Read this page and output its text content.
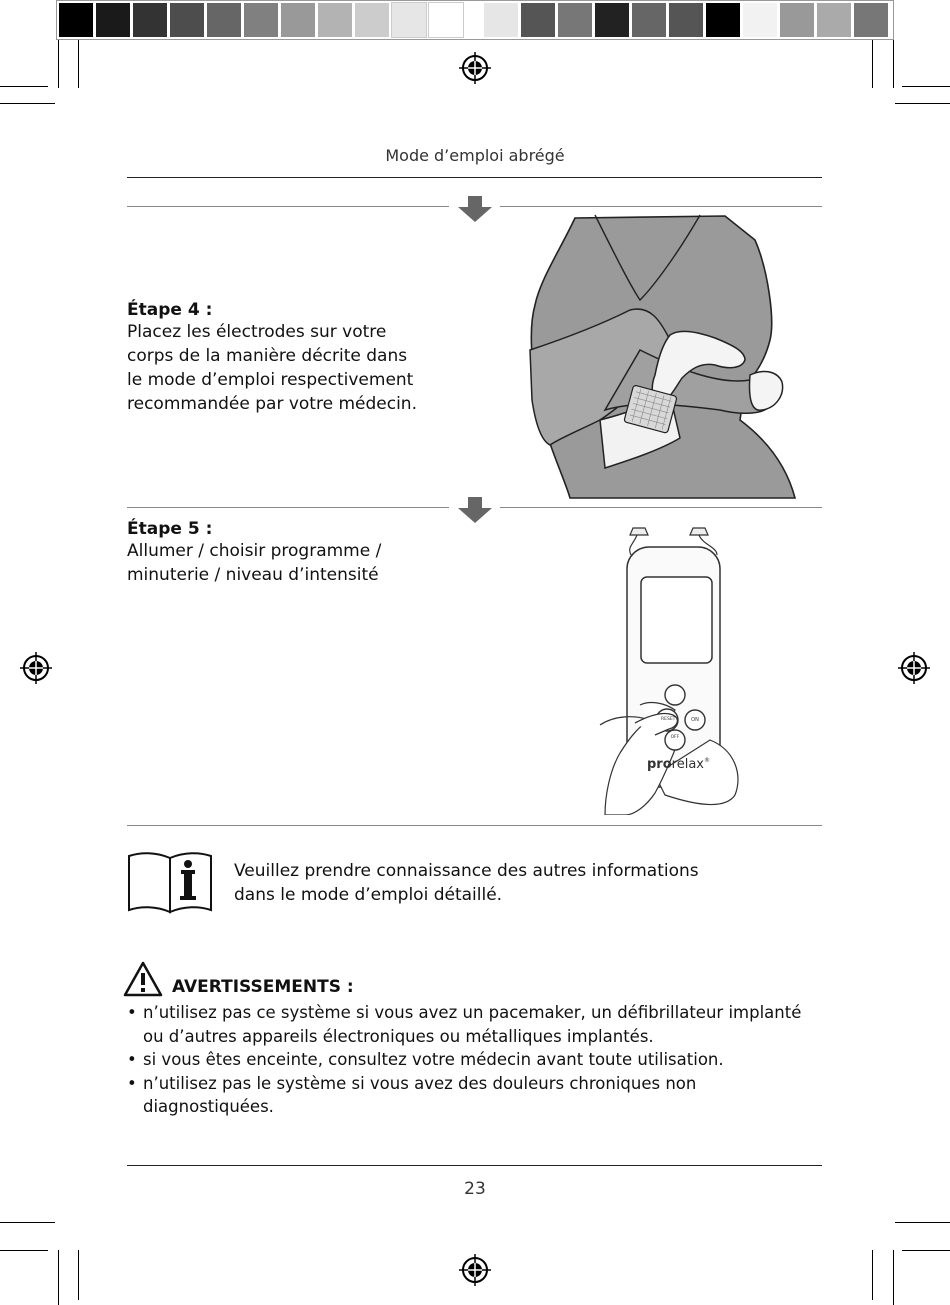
Mode d’emploi abrégé
Étape 4 :
Placez les électrodes sur votre
corps de la manière décrite dans
le mode d’emploi respectivement
recommandée par votre médecin.
Étape 5 :
Allumer / choisir programme /
minuterie / niveau d’intensité
RESET	ON
OFF
prorelax®
Veuillez prendre connaissance des autres informations
dans le mode d’emploi détaillé.
AVERTISSEMENTS :
• n’utilisez pas ce système si vous avez un pacemaker, un défibrillateur implanté ou d’autres appareils électroniques ou métalliques implantés.
• si vous êtes enceinte, consultez votre médecin avant toute utilisation.
• n’utilisez pas le système si vous avez des douleurs chroniques non diagnostiquées.
23
